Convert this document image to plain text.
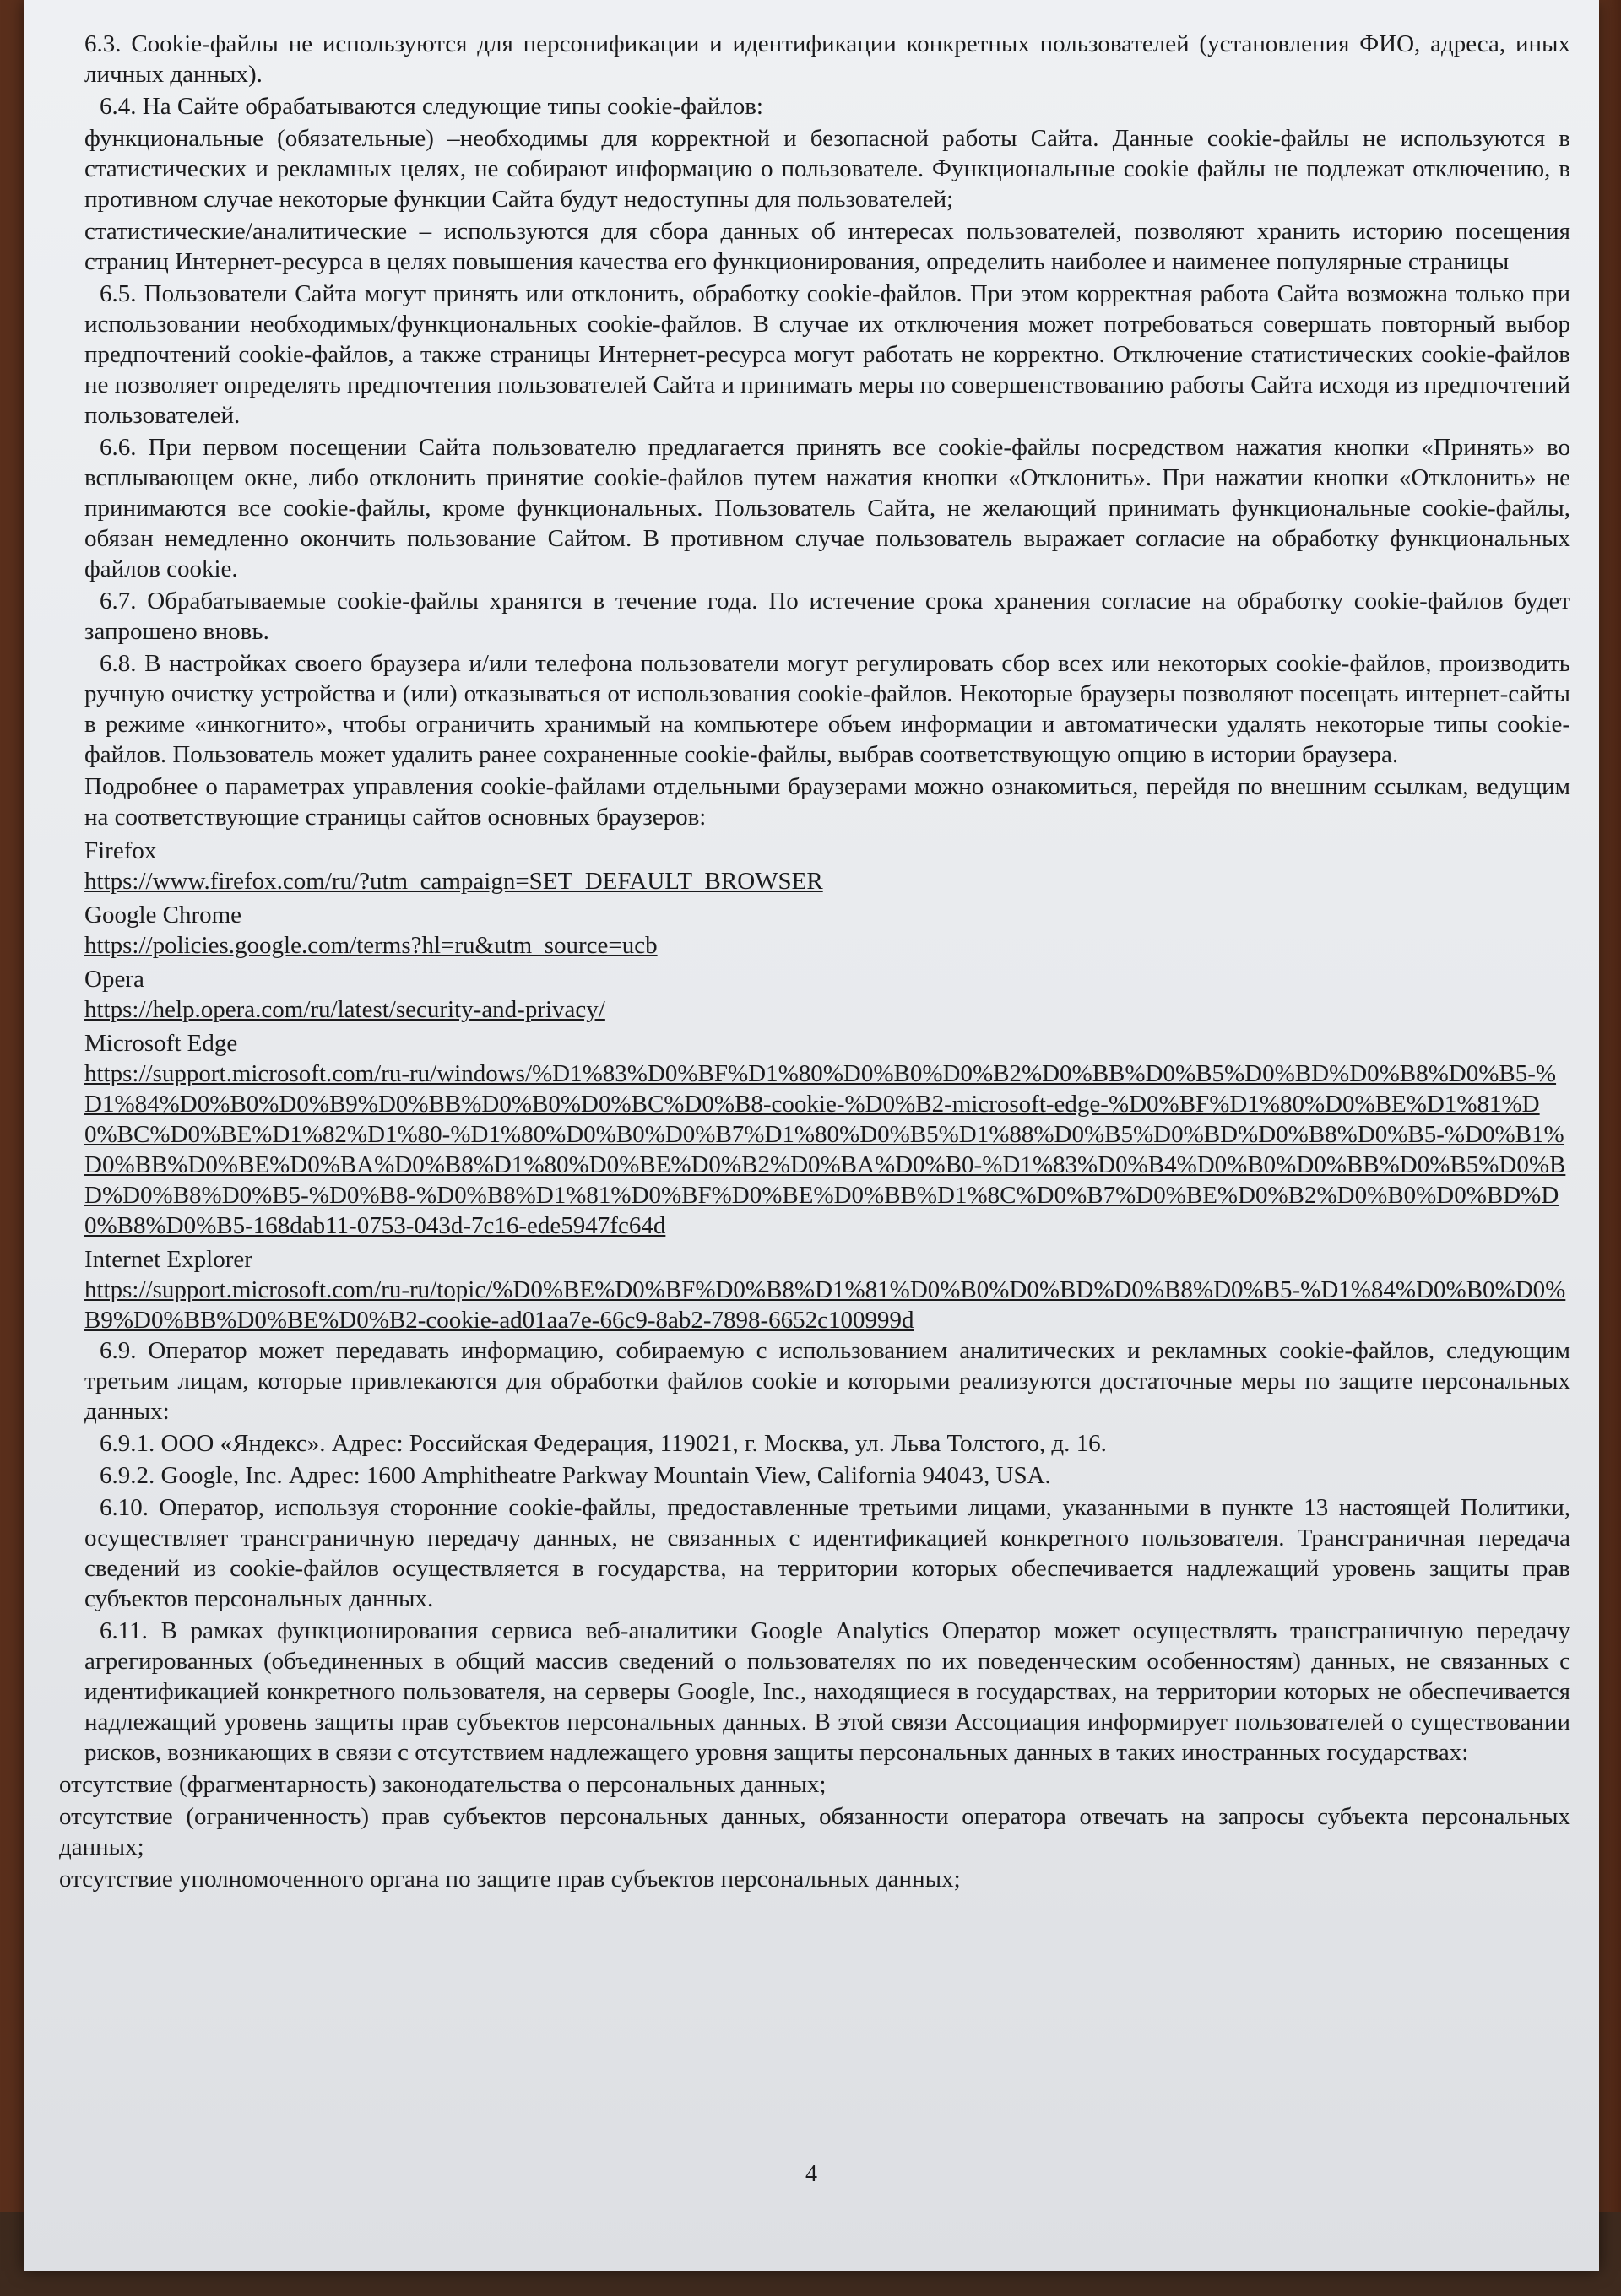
6.3. Cookie-файлы не используются для персонификации и идентификации конкретных пользователей (установления ФИО, адреса, иных личных данных).

6.4. На Сайте обрабатываются следующие типы cookie-файлов:

функциональные (обязательные) –необходимы для корректной и безопасной работы Сайта. Данные cookie-файлы не используются в статистических и рекламных целях, не собирают информацию о пользователе. Функциональные cookie файлы не подлежат отключению, в противном случае некоторые функции Сайта будут недоступны для пользователей;

статистические/аналитические – используются для сбора данных об интересах пользователей, позволяют хранить историю посещения страниц Интернет-ресурса в целях повышения качества его функционирования, определить наиболее и наименее популярные страницы

6.5. Пользователи Сайта могут принять или отклонить, обработку cookie-файлов. При этом корректная работа Сайта возможна только при использовании необходимых/функциональных cookie-файлов. В случае их отключения может потребоваться совершать повторный выбор предпочтений cookie-файлов, а также страницы Интернет-ресурса могут работать не корректно. Отключение статистических cookie-файлов не позволяет определять предпочтения пользователей Сайта и принимать меры по совершенствованию работы Сайта исходя из предпочтений пользователей.

6.6. При первом посещении Сайта пользователю предлагается принять все cookie-файлы посредством нажатия кнопки «Принять» во всплывающем окне, либо отклонить принятие cookie-файлов путем нажатия кнопки «Отклонить». При нажатии кнопки «Отклонить» не принимаются все cookie-файлы, кроме функциональных. Пользователь Сайта, не желающий принимать функциональные cookie-файлы, обязан немедленно окончить пользование Сайтом. В противном случае пользователь выражает согласие на обработку функциональных файлов cookie.

6.7. Обрабатываемые cookie-файлы хранятся в течение года. По истечение срока хранения согласие на обработку cookie-файлов будет запрошено вновь.

6.8. В настройках своего браузера и/или телефона пользователи могут регулировать сбор всех или некоторых cookie-файлов, производить ручную очистку устройства и (или) отказываться от использования cookie-файлов. Некоторые браузеры позволяют посещать интернет-сайты в режиме «инкогнито», чтобы ограничить хранимый на компьютере объем информации и автоматически удалять некоторые типы cookie-файлов. Пользователь может удалить ранее сохраненные cookie-файлы, выбрав соответствующую опцию в истории браузера.

Подробнее о параметрах управления cookie-файлами отдельными браузерами можно ознакомиться, перейдя по внешним ссылкам, ведущим на соответствующие страницы сайтов основных браузеров:

Firefox
https://www.firefox.com/ru/?utm_campaign=SET_DEFAULT_BROWSER
Google Chrome
https://policies.google.com/terms?hl=ru&utm_source=ucb
Opera
https://help.opera.com/ru/latest/security-and-privacy/
Microsoft Edge
https://support.microsoft.com/ru-ru/windows/%D1%83%D0%BF%D1%80%D0%B0%D0%B2%D0%BB%D0%B5%D0%BD%D0%B8%D0%B5-%D1%84%D0%B0%D0%B9%D0%BB%D0%B0%D0%BC%D0%B8-cookie-%D0%B2-microsoft-edge-%D0%BF%D1%80%D0%BE%D1%81%D0%BC%D0%BE%D1%82%D1%80-%D1%80%D0%B0%D0%B7%D1%80%D0%B5%D1%88%D0%B5%D0%BD%D0%B8%D0%B5-%D0%B1%D0%BB%D0%BE%D0%BA%D0%B8%D1%80%D0%BE%D0%B2%D0%BA%D0%B0-%D1%83%D0%B4%D0%B0%D0%BB%D0%B5%D0%BD%D0%B8%D0%B5-%D0%B8-%D0%B8%D1%81%D0%BF%D0%BE%D0%BB%D1%8C%D0%B7%D0%BE%D0%B2%D0%B0%D0%BD%D0%B8%D0%B5-168dab11-0753-043d-7c16-ede5947fc64d
Internet Explorer
https://support.microsoft.com/ru-ru/topic/%D0%BE%D0%BF%D0%B8%D1%81%D0%B0%D0%BD%D0%B8%D0%B5-%D1%84%D0%B0%D0%B9%D0%BB%D0%BE%D0%B2-cookie-ad01aa7e-66c9-8ab2-7898-6652c100999d

6.9. Оператор может передавать информацию, собираемую с использованием аналитических и рекламных cookie-файлов, следующим третьим лицам, которые привлекаются для обработки файлов cookie и которыми реализуются достаточные меры по защите персональных данных:

6.9.1. ООО «Яндекс». Адрес: Российская Федерация, 119021, г. Москва, ул. Льва Толстого, д. 16.

6.9.2. Google, Inc. Адрес: 1600 Amphitheatre Parkway Mountain View, California 94043, USA.

6.10. Оператор, используя сторонние cookie-файлы, предоставленные третьими лицами, указанными в пункте 13 настоящей Политики, осуществляет трансграничную передачу данных, не связанных с идентификацией конкретного пользователя. Трансграничная передача сведений из cookie-файлов осуществляется в государства, на территории которых обеспечивается надлежащий уровень защиты прав субъектов персональных данных.

6.11. В рамках функционирования сервиса веб-аналитики Google Analytics Оператор может осуществлять трансграничную передачу агрегированных (объединенных в общий массив сведений о пользователях по их поведенческим особенностям) данных, не связанных с идентификацией конкретного пользователя, на серверы Google, Inc., находящиеся в государствах, на территории которых не обеспечивается надлежащий уровень защиты прав субъектов персональных данных. В этой связи Ассоциация информирует пользователей о существовании рисков, возникающих в связи с отсутствием надлежащего уровня защиты персональных данных в таких иностранных государствах:

отсутствие (фрагментарность) законодательства о персональных данных;

отсутствие (ограниченность) прав субъектов персональных данных, обязанности оператора отвечать на запросы субъекта персональных данных;

отсутствие уполномоченного органа по защите прав субъектов персональных данных;

4
